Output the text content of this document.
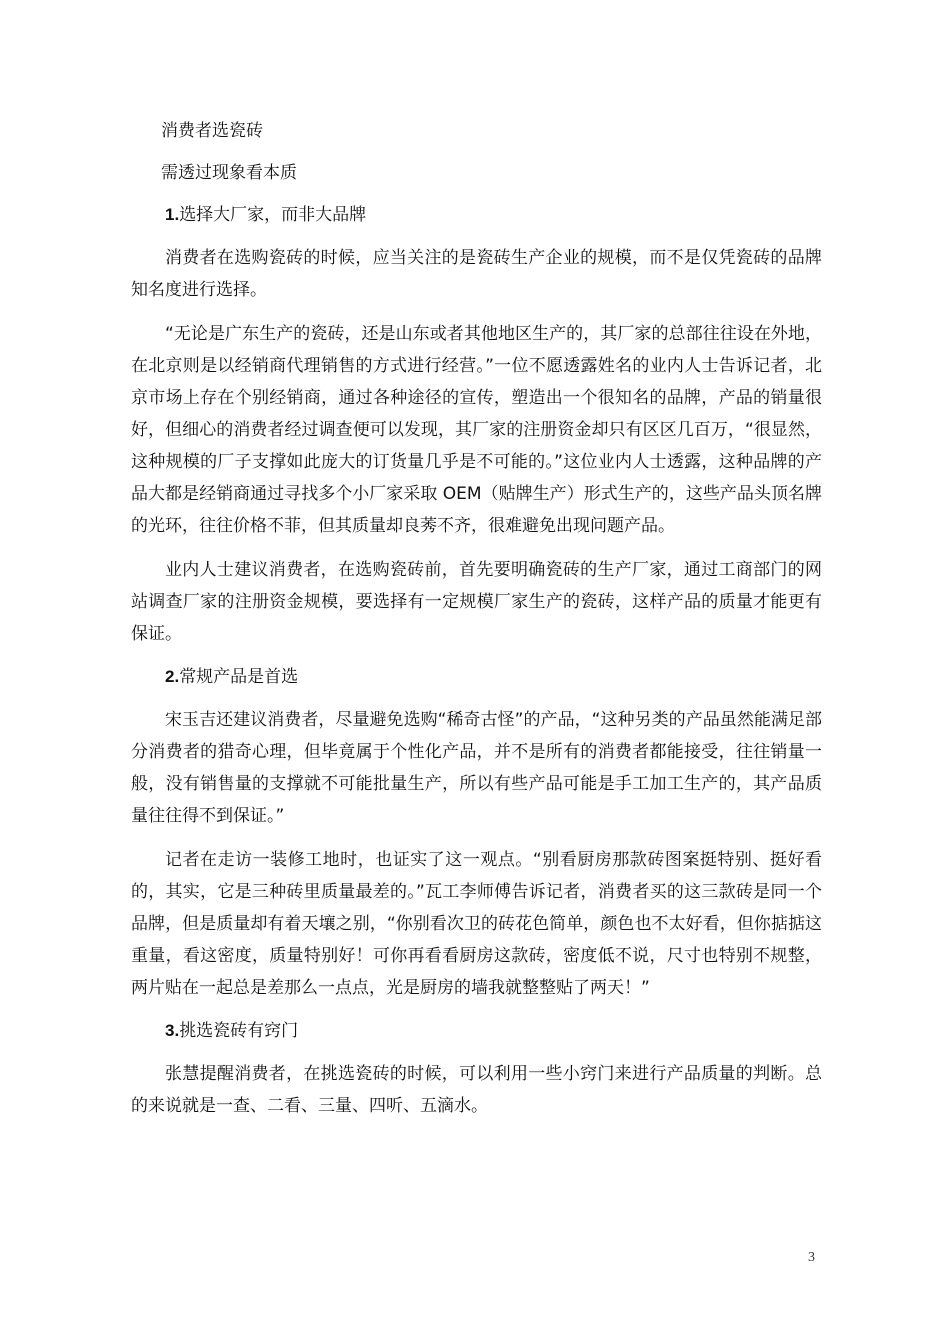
消费者选瓷砖
需透过现象看本质
1.选择大厂家，而非大品牌

消费者在选购瓷砖的时候，应当关注的是瓷砖生产企业的规模，而不是仅凭瓷砖的品牌知名度进行选择。

“无论是广东生产的瓷砖，还是山东或者其他地区生产的，其厂家的总部往往设在外地，在北京则是以经销商代理销售的方式进行经营。”一位不愿透露姓名的业内人士告诉记者，北京市场上存在个别经销商，通过各种途径的宣传，塑造出一个很知名的品牌，产品的销量很好，但细心的消费者经过调查便可以发现，其厂家的注册资金却只有区区几百万，“很显然，这种规模的厂子支撑如此庞大的订货量几乎是不可能的。”这位业内人士透露，这种品牌的产品大都是经销商通过寻找多个小厂家采取 OEM（贴牌生产）形式生产的，这些产品头顶名牌的光环，往往价格不菲，但其质量却良莠不齐，很难避免出现问题产品。

业内人士建议消费者，在选购瓷砖前，首先要明确瓷砖的生产厂家，通过工商部门的网站调查厂家的注册资金规模，要选择有一定规模厂家生产的瓷砖，这样产品的质量才能更有保证。

2.常规产品是首选

宋玉吉还建议消费者，尽量避免选购“稀奇古怪”的产品，“这种另类的产品虽然能满足部分消费者的猎奇心理，但毕竟属于个性化产品，并不是所有的消费者都能接受，往往销量一般，没有销售量的支撑就不可能批量生产，所以有些产品可能是手工加工生产的，其产品质量往往得不到保证。”

记者在走访一装修工地时，也证实了这一观点。“别看厨房那款砖图案挺特别、挺好看的，其实，它是三种砖里质量最差的。”瓦工李师傅告诉记者，消费者买的这三款砖是同一个品牌，但是质量却有着天壤之别，“你别看次卫的砖花色简单，颜色也不太好看，但你掂掂这重量，看这密度，质量特别好！可你再看看厨房这款砖，密度低不说，尺寸也特别不规整，两片贴在一起总是差那么一点点，光是厨房的墙我就整整贴了两天！”

3.挑选瓷砖有窍门

张慧提醒消费者，在挑选瓷砖的时候，可以利用一些小窍门来进行产品质量的判断。总的来说就是一查、二看、三量、四听、五滴水。

3
